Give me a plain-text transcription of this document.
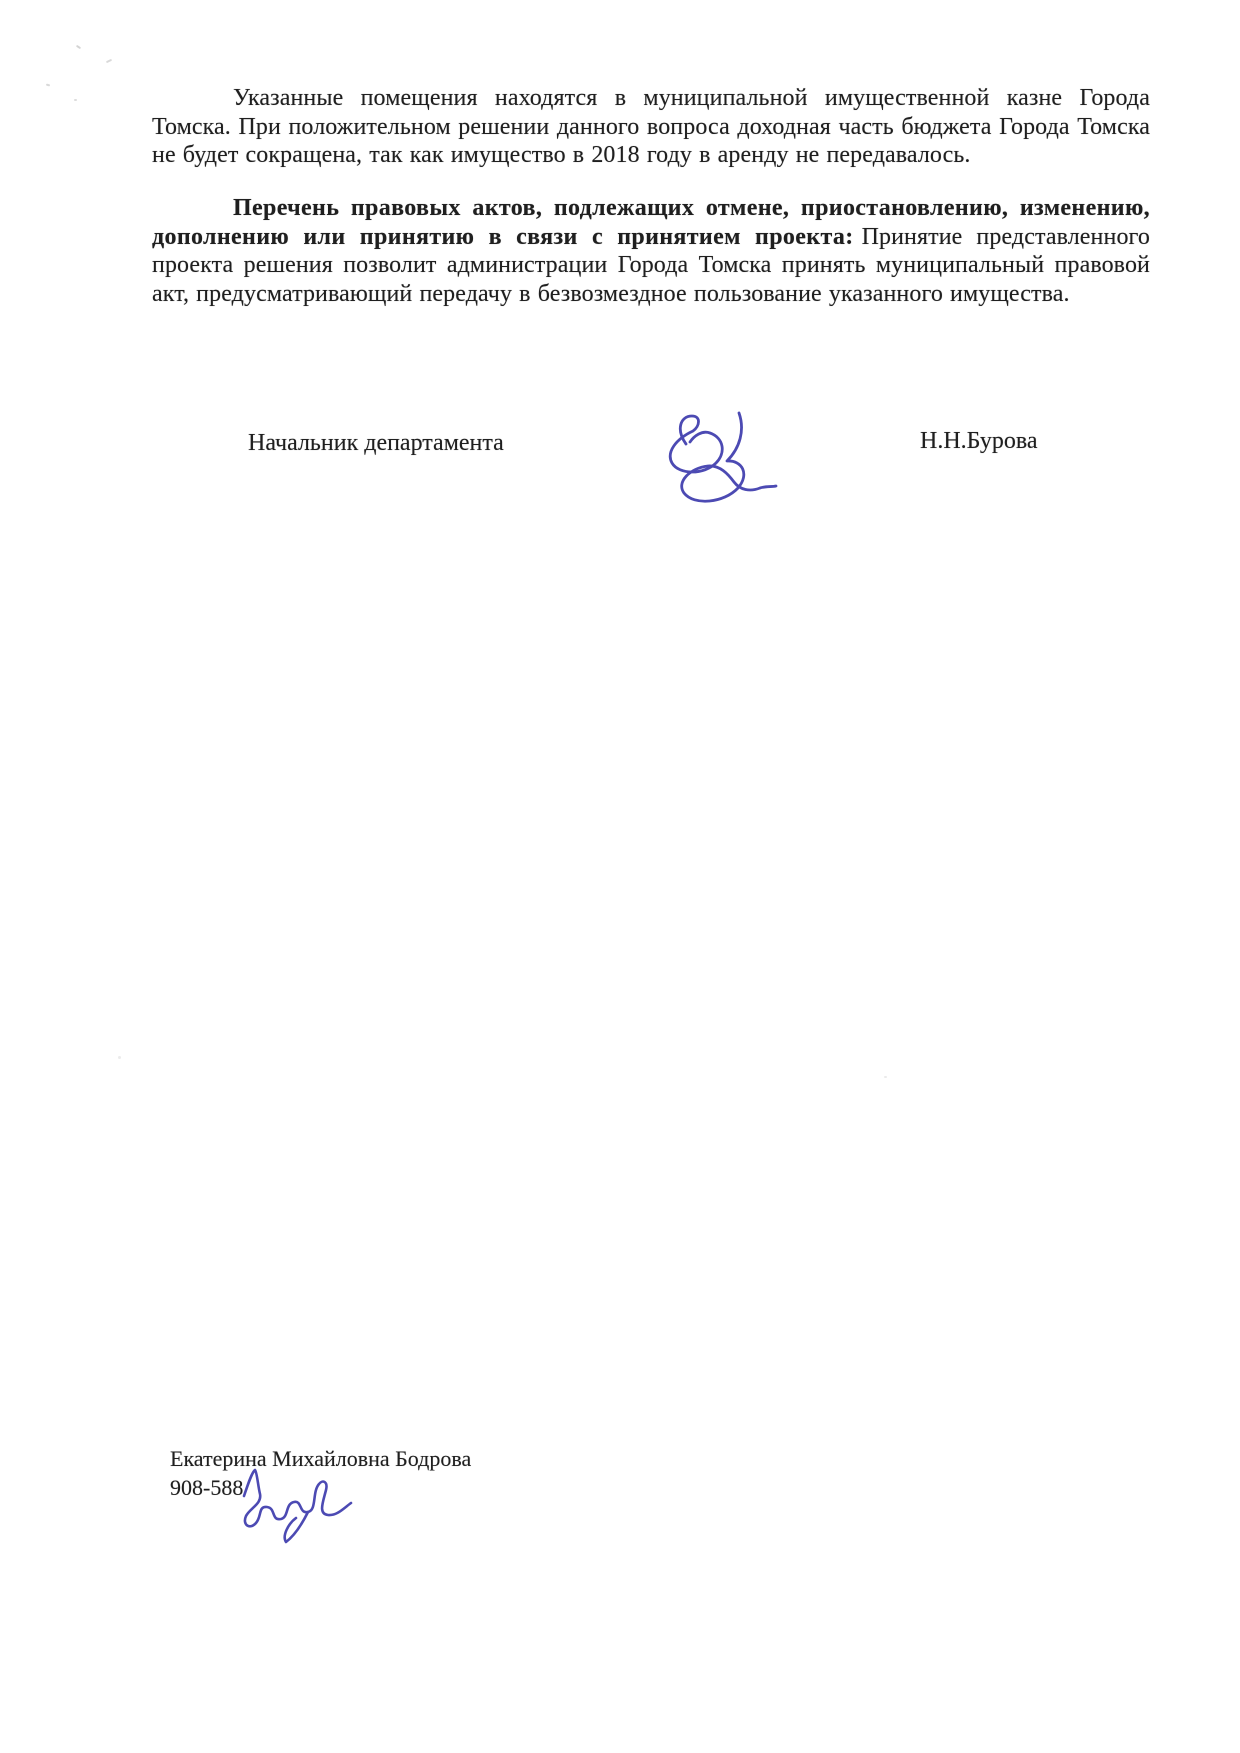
Указанные помещения находятся в муниципальной имущественной казне Города Томска. При положительном решении данного вопроса доходная часть бюджета Города Томска не будет сокращена, так как имущество в 2018 году в аренду не передавалось.

Перечень правовых актов, подлежащих отмене, приостановлению, изменению, дополнению или принятию в связи с принятием проекта: Принятие представленного проекта решения позволит администрации Города Томска принять муниципальный правовой акт, предусматривающий передачу в безвозмездное пользование указанного имущества.

Начальник департамента	Н.Н.Бурова

Екатерина Михайловна Бодрова
908-588
